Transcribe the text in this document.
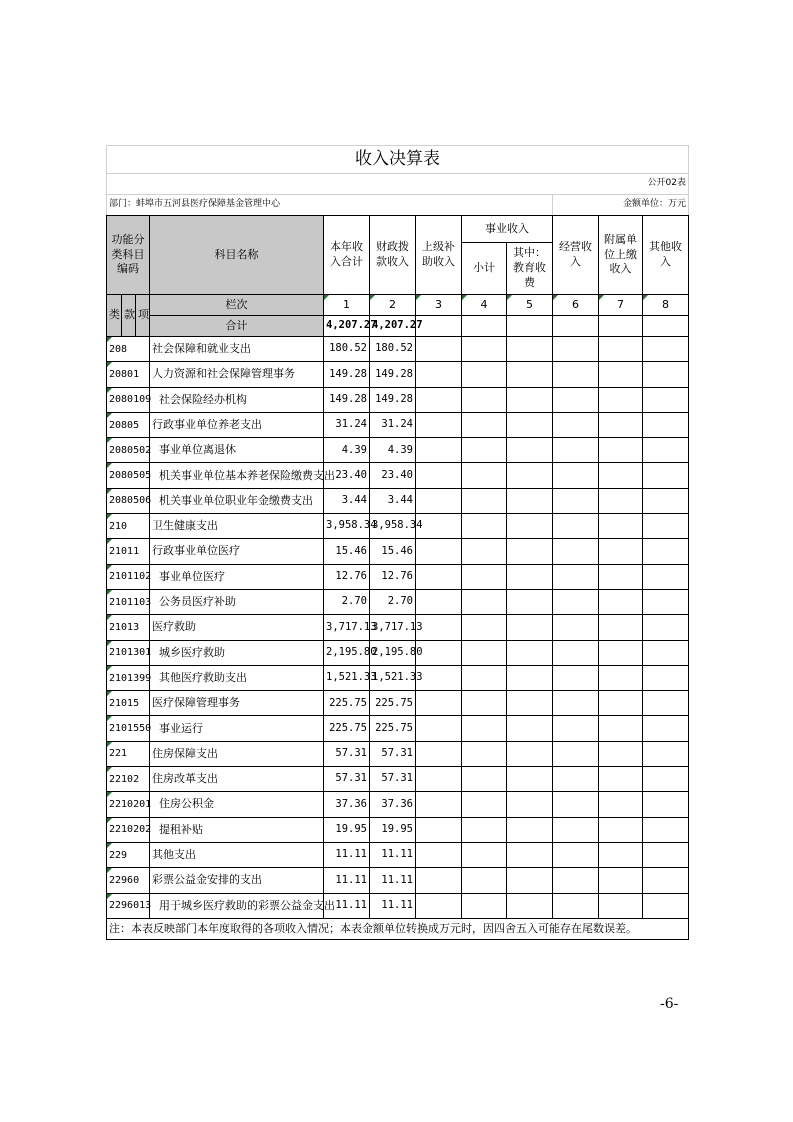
收入决算表											
公开02表											
部门：蚌埠市五河县医疗保障基金管理中心									金额单位：万元		
功能分类科目编码			科目名称	本年收入合计	财政拨款收入	上级补助收入	事业收入		经营收入	附属单位上缴收入	其他收入
							小计	其中：教育收费			
类	款	项	栏次	1	2	3	4	5	6	7	8
			合计	4,207.27	4,207.27						
208			社会保障和就业支出	180.52	180.52						
20801			人力资源和社会保障管理事务	149.28	149.28						
2080109			社会保险经办机构	149.28	149.28						
20805			行政事业单位养老支出	31.24	31.24						
2080502			事业单位离退休	4.39	4.39						
2080505			机关事业单位基本养老保险缴费支出	23.40	23.40						
2080506			机关事业单位职业年金缴费支出	3.44	3.44						
210			卫生健康支出	3,958.34	3,958.34						
21011			行政事业单位医疗	15.46	15.46						
2101102			事业单位医疗	12.76	12.76						
2101103			公务员医疗补助	2.70	2.70						
21013			医疗救助	3,717.13	3,717.13						
2101301			城乡医疗救助	2,195.80	2,195.80						
2101399			其他医疗救助支出	1,521.33	1,521.33						
21015			医疗保障管理事务	225.75	225.75						
2101550			事业运行	225.75	225.75						
221			住房保障支出	57.31	57.31						
22102			住房改革支出	57.31	57.31						
2210201			住房公积金	37.36	37.36						
2210202			提租补贴	19.95	19.95						
229			其他支出	11.11	11.11						
22960			彩票公益金安排的支出	11.11	11.11						
2296013			用于城乡医疗救助的彩票公益金支出	11.11	11.11						
注：本表反映部门本年度取得的各项收入情况；本表金额单位转换成万元时，因四舍五入可能存在尾数误差。											
-6-
